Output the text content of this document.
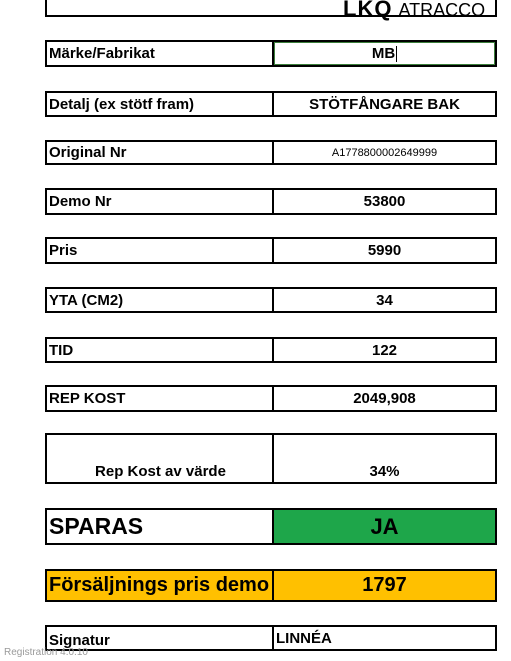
LKQ ATRACCO
Märke/Fabrikat	MB
Detalj (ex stötf fram)	STÖTFÅNGARE BAK
Original Nr	A1778800002649999
Demo Nr	53800
Pris	5990
YTA (CM2)	34
TID	122
REP KOST	2049,908
Rep Kost av värde	34%
SPARAS	JA
Försäljnings pris demo	1797
Signatur	LINNÉA
Registration 4.0.10
